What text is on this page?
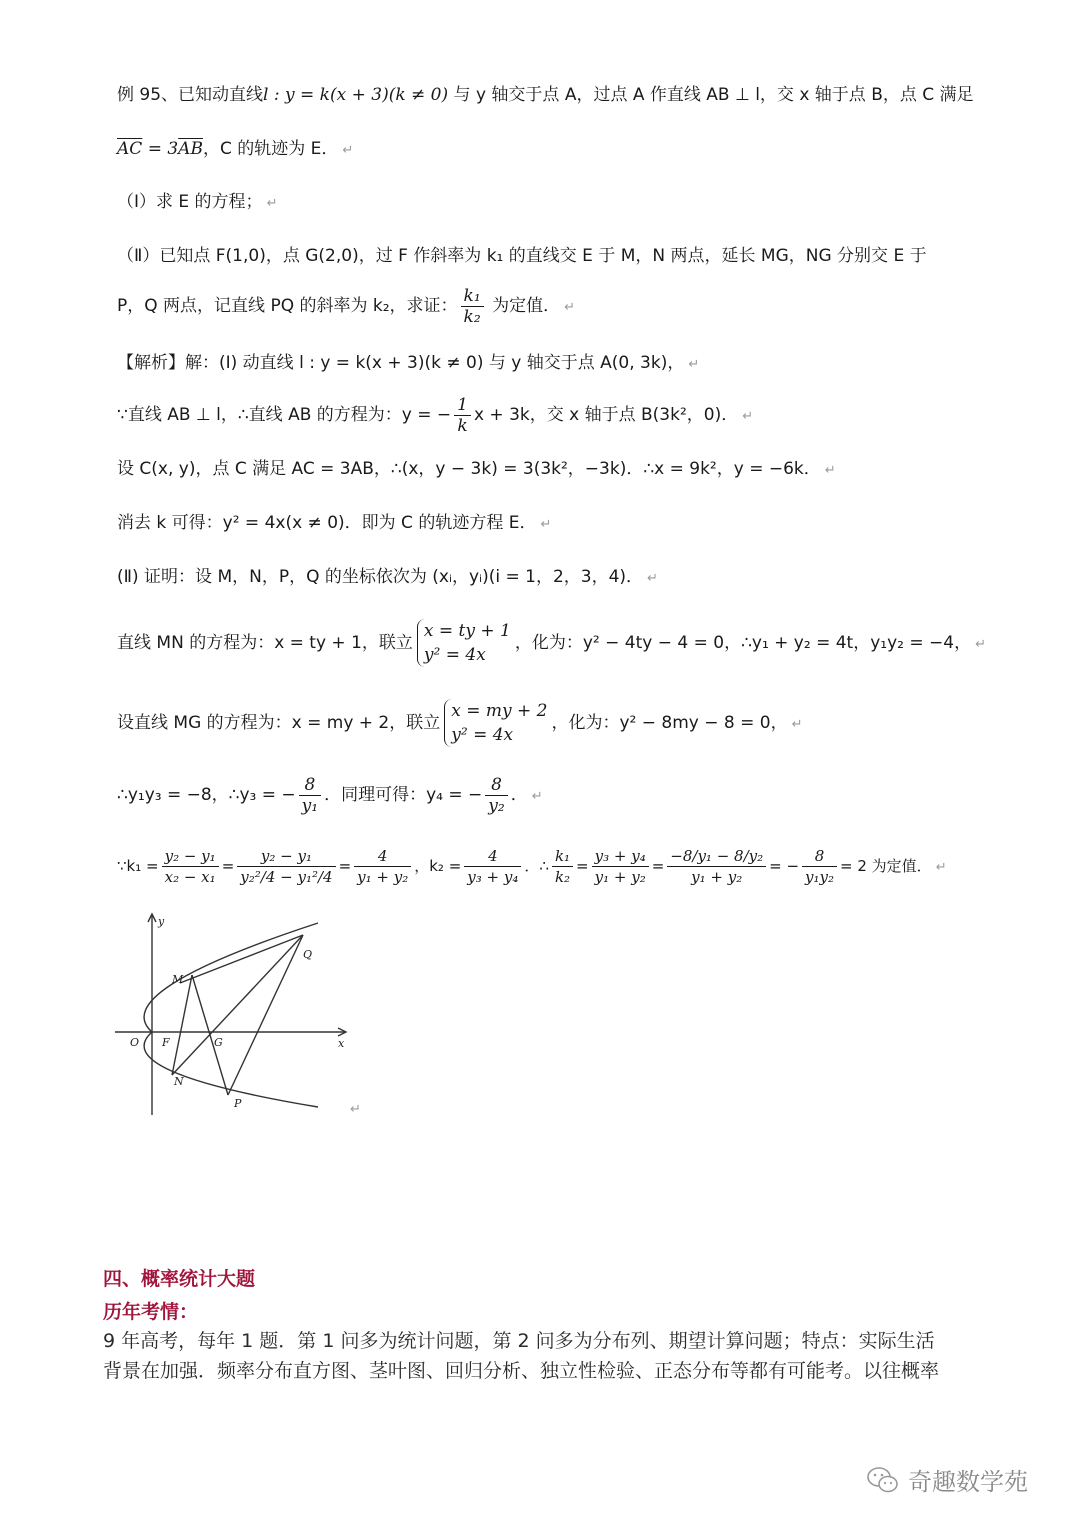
例 95、已知动直线l : y = k(x + 3)(k ≠ 0) 与 y 轴交于点 A，过点 A 作直线 AB ⊥ l，交 x 轴于点 B，点 C 满足
$\overline{AC} = 3\overline{AB}$，C 的轨迹为 E． ↵
（Ⅰ）求 E 的方程； ↵
（Ⅱ）已知点 F(1,0)，点 G(2,0)，过 F 作斜率为 k₁ 的直线交 E 于 M，N 两点，延长 MG，NG 分别交 E 于
P，Q 两点，记直线 PQ 的斜率为 k₂，求证： $\frac{\text{k₁}}{\text{k₂}}$ 为定值． ↵
【解析】解：(Ⅰ) 动直线 l : y = k(x + 3)(k ≠ 0) 与 y 轴交于点 A(0, 3k)， ↵
∵直线 AB ⊥ l，∴直线 AB 的方程为：y = − $\frac{1}{k}$ x + 3k，交 x 轴于点 B(3k²，0)． ↵
设 C(x, y)，点 C 满足 AC = 3AB，∴(x，y − 3k) = 3(3k²，−3k)．∴x = 9k²，y = −6k． ↵
消去 k 可得：y² = 4x(x ≠ 0)．即为 C 的轨迹方程 E． ↵
(Ⅱ) 证明：设 M，N，P，Q 的坐标依次为 (xᵢ，yᵢ)(i = 1，2，3，4)． ↵
直线 MN 的方程为：x = ty + 1，联立
x = ty + 1
y² = 4x
，化为：y² − 4ty − 4 = 0，∴y₁ + y₂ = 4t，y₁y₂ = −4， ↵
设直线 MG 的方程为：x = my + 2，联立
x = my + 2
y² = 4x
，化为：y² − 8my − 8 = 0， ↵
∴y₁y₃ = −8，∴y₃ = − $\frac{8}{\text{y₁}}$ ．同理可得：y₄ = − $\frac{8}{\text{y₂}}$ ． ↵
∵k₁ = $\frac{\text{y₂ − y₁}}{\text{x₂ − x₁}} = \frac{\text{y₂ − y₁}}{\text{y₂²/4 − y₁²/4}} = \frac{4}{\text{y₁ + y₂}}$ ，$k_2 = \frac{4}{\text{y₃ + y₄}}$ ．∴ $\frac{\text{k₁}}{\text{k₂}} = \frac{\text{y₃ + y₄}}{\text{y₁ + y₂}} = \frac{\text{−8/y₁ − 8/y₂}}{\text{y₁ + y₂}}$ = − $\frac{8}{\text{y₁y₂}} = 2$ 为定值． ↵
y
x
O F	G
M
N
P
Q
↵
四、概率统计大题
历年考情：
9 年高考，每年 1 题．第 1 问多为统计问题，第 2 问多为分布列、期望计算问题；特点：实际生活
背景在加强．频率分布直方图、茎叶图、回归分析、独立性检验、正态分布等都有可能考。以往概率
奇趣数学苑
